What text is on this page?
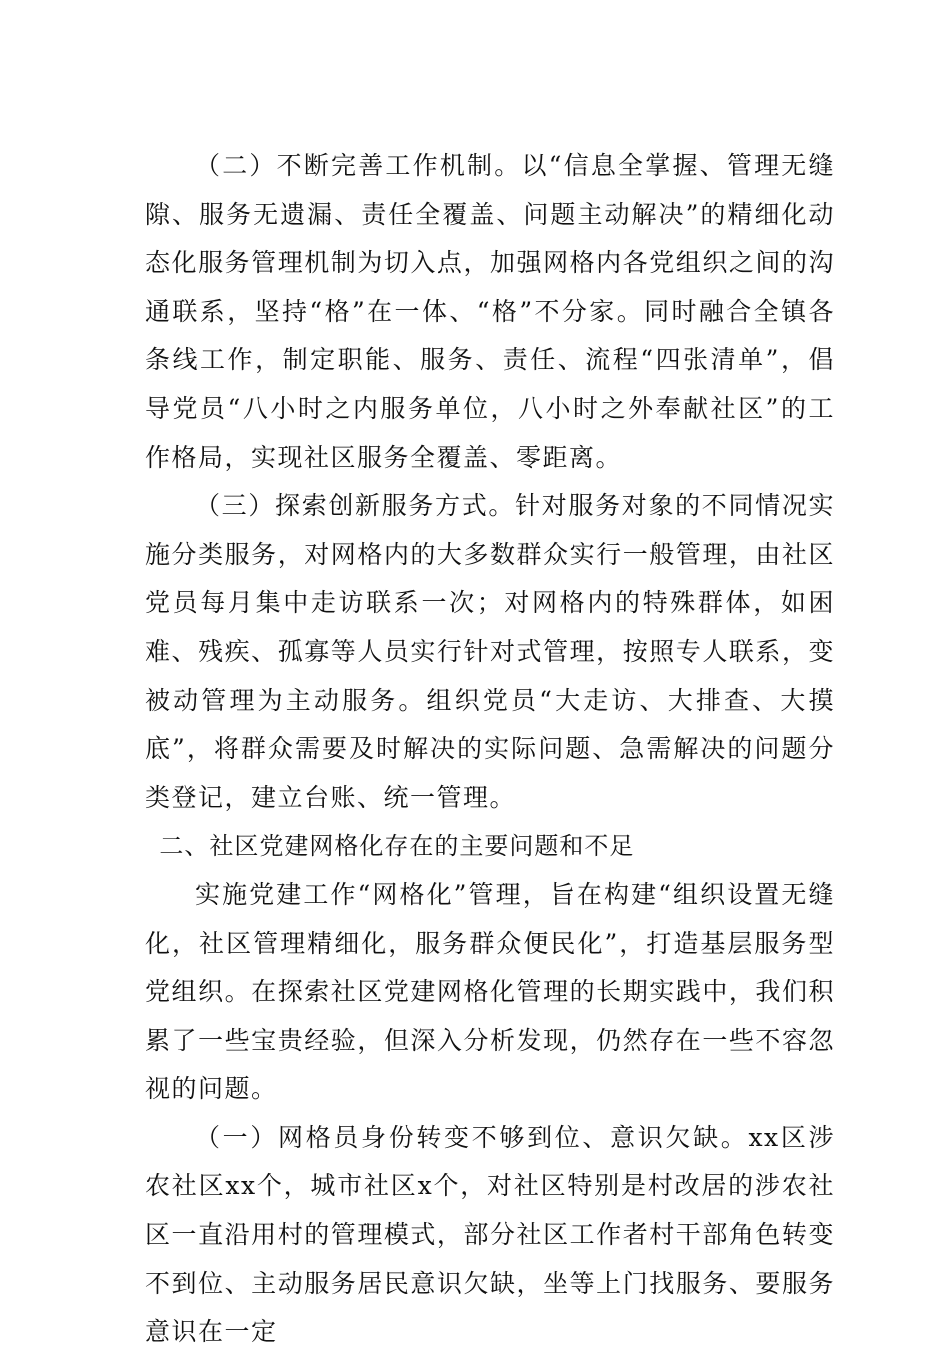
（二）不断完善工作机制。以“信息全掌握、管理无缝隙、服务无遗漏、责任全覆盖、问题主动解决”的精细化动态化服务管理机制为切入点，加强网格内各党组织之间的沟通联系，坚持“格”在一体、“格”不分家。同时融合全镇各条线工作，制定职能、服务、责任、流程“四张清单”，倡导党员“八小时之内服务单位，八小时之外奉献社区”的工作格局，实现社区服务全覆盖、零距离。

（三）探索创新服务方式。针对服务对象的不同情况实施分类服务，对网格内的大多数群众实行一般管理，由社区党员每月集中走访联系一次；对网格内的特殊群体，如困难、残疾、孤寡等人员实行针对式管理，按照专人联系，变被动管理为主动服务。组织党员“大走访、大排查、大摸底”，将群众需要及时解决的实际问题、急需解决的问题分类登记，建立台账、统一管理。

二、社区党建网格化存在的主要问题和不足

实施党建工作“网格化”管理，旨在构建“组织设置无缝化，社区管理精细化，服务群众便民化”，打造基层服务型党组织。在探索社区党建网格化管理的长期实践中，我们积累了一些宝贵经验，但深入分析发现，仍然存在一些不容忽视的问题。

（一）网格员身份转变不够到位、意识欠缺。xx区涉农社区xx个，城市社区x个，对社区特别是村改居的涉农社区一直沿用村的管理模式，部分社区工作者村干部角色转变不到位、主动服务居民意识欠缺，坐等上门找服务、要服务意识在一定
